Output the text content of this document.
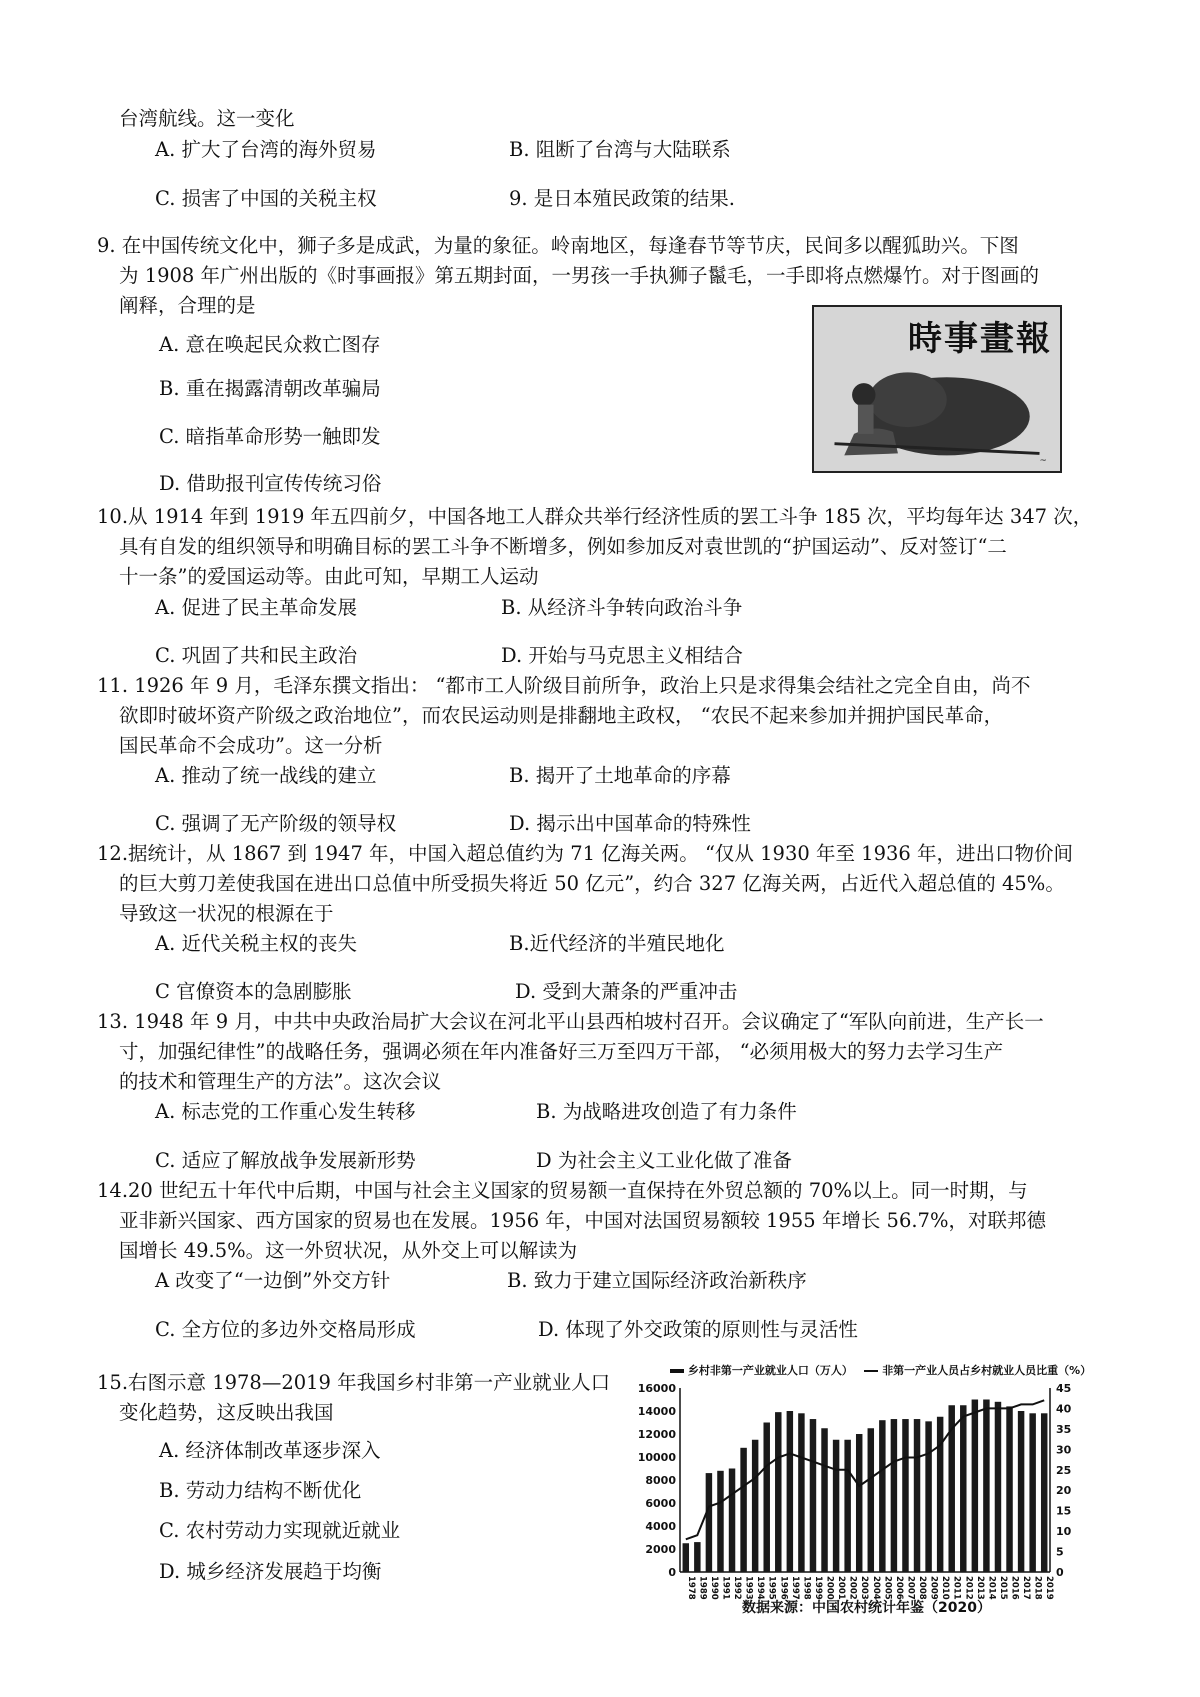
台湾航线。这一变化
A. 扩大了台湾的海外贸易	B. 阻断了台湾与大陆联系
C. 损害了中国的关税主权	9. 是日本殖民政策的结果.
9. 在中国传统文化中，狮子多是成武，为量的象征。岭南地区，每逢春节等节庆，民间多以醒狐助兴。下图
为 1908 年广州出版的《时事画报》第五期封面，一男孩一手执狮子鬣毛，一手即将点燃爆竹。对于图画的
阐释，合理的是
A. 意在唤起民众救亡图存
B. 重在揭露清朝改革骗局
C. 暗指革命形势一触即发
D. 借助报刊宣传传统习俗
~
時事畫報
10.从 1914 年到 1919 年五四前夕，中国各地工人群众共举行经济性质的罢工斗争 185 次，平均每年达 347 次，
具有自发的组织领导和明确目标的罢工斗争不断增多，例如参加反对袁世凯的“护国运动”、反对签订“二
十一条”的爱国运动等。由此可知，早期工人运动
A. 促进了民主革命发展	B. 从经济斗争转向政治斗争
C. 巩固了共和民主政治	D. 开始与马克思主义相结合
11. 1926 年 9 月，毛泽东撰文指出： “都市工人阶级目前所争，政治上只是求得集会结社之完全自由，尚不
欲即时破坏资产阶级之政治地位”，而农民运动则是排翻地主政权， “农民不起来参加并拥护国民革命，
国民革命不会成功”。这一分析
A. 推动了统一战线的建立	B. 揭开了土地革命的序幕
C. 强调了无产阶级的领导权	D. 揭示出中国革命的特殊性
12.据统计，从 1867 到 1947 年，中国入超总值约为 71 亿海关两。 “仅从 1930 年至 1936 年，进出口物价间
的巨大剪刀差使我国在进出口总值中所受损失将近 50 亿元”，约合 327 亿海关两，占近代入超总值的 45%。
导致这一状况的根源在于
A. 近代关税主权的丧失	B.近代经济的半殖民地化
C 官僚资本的急剧膨胀	D. 受到大萧条的严重冲击
13. 1948 年 9 月，中共中央政治局扩大会议在河北平山县西柏坡村召开。会议确定了“军队向前进，生产长一
寸，加强纪律性”的战略任务，强调必须在年内准备好三万至四万干部， “必须用极大的努力去学习生产
的技术和管理生产的方法”。这次会议
A. 标志党的工作重心发生转移	B. 为战略进攻创造了有力条件
C. 适应了解放战争发展新形势	D 为社会主义工业化做了准备
14.20 世纪五十年代中后期，中国与社会主义国家的贸易额一直保持在外贸总额的 70%以上。同一时期，与
亚非新兴国家、西方国家的贸易也在发展。1956 年，中国对法国贸易额较 1955 年增长 56.7%，对联邦德
国增长 49.5%。这一外贸状况，从外交上可以解读为
A 改变了“一边倒”外交方针	B. 致力于建立国际经济政治新秩序
C. 全方位的多边外交格局形成	D. 体现了外交政策的原则性与灵活性
15.右图示意 1978—2019 年我国乡村非第一产业就业人口
变化趋势，这反映出我国
A. 经济体制改革逐步深入
B. 劳动力结构不断优化
C. 农村劳动力实现就近就业
D. 城乡经济发展趋于均衡
乡村非第一产业就业人口（万人）	非第一产业人员占乡村就业人员比重（%）
0
2000
4000
6000
8000
10000
12000
14000
16000
0
5
10
15
20
25
30
35
40
45
1978 1989 1990 1991 1992 1993 1994 1995 1996 1997 1998 1999 2000 2001 2002 2003 2004 2005 2006 2007 2008 2009 2010 2011 2012 2013 2014 2015 2016 2017 2018 2019
数据来源：中国农村统计年鉴（2020）
